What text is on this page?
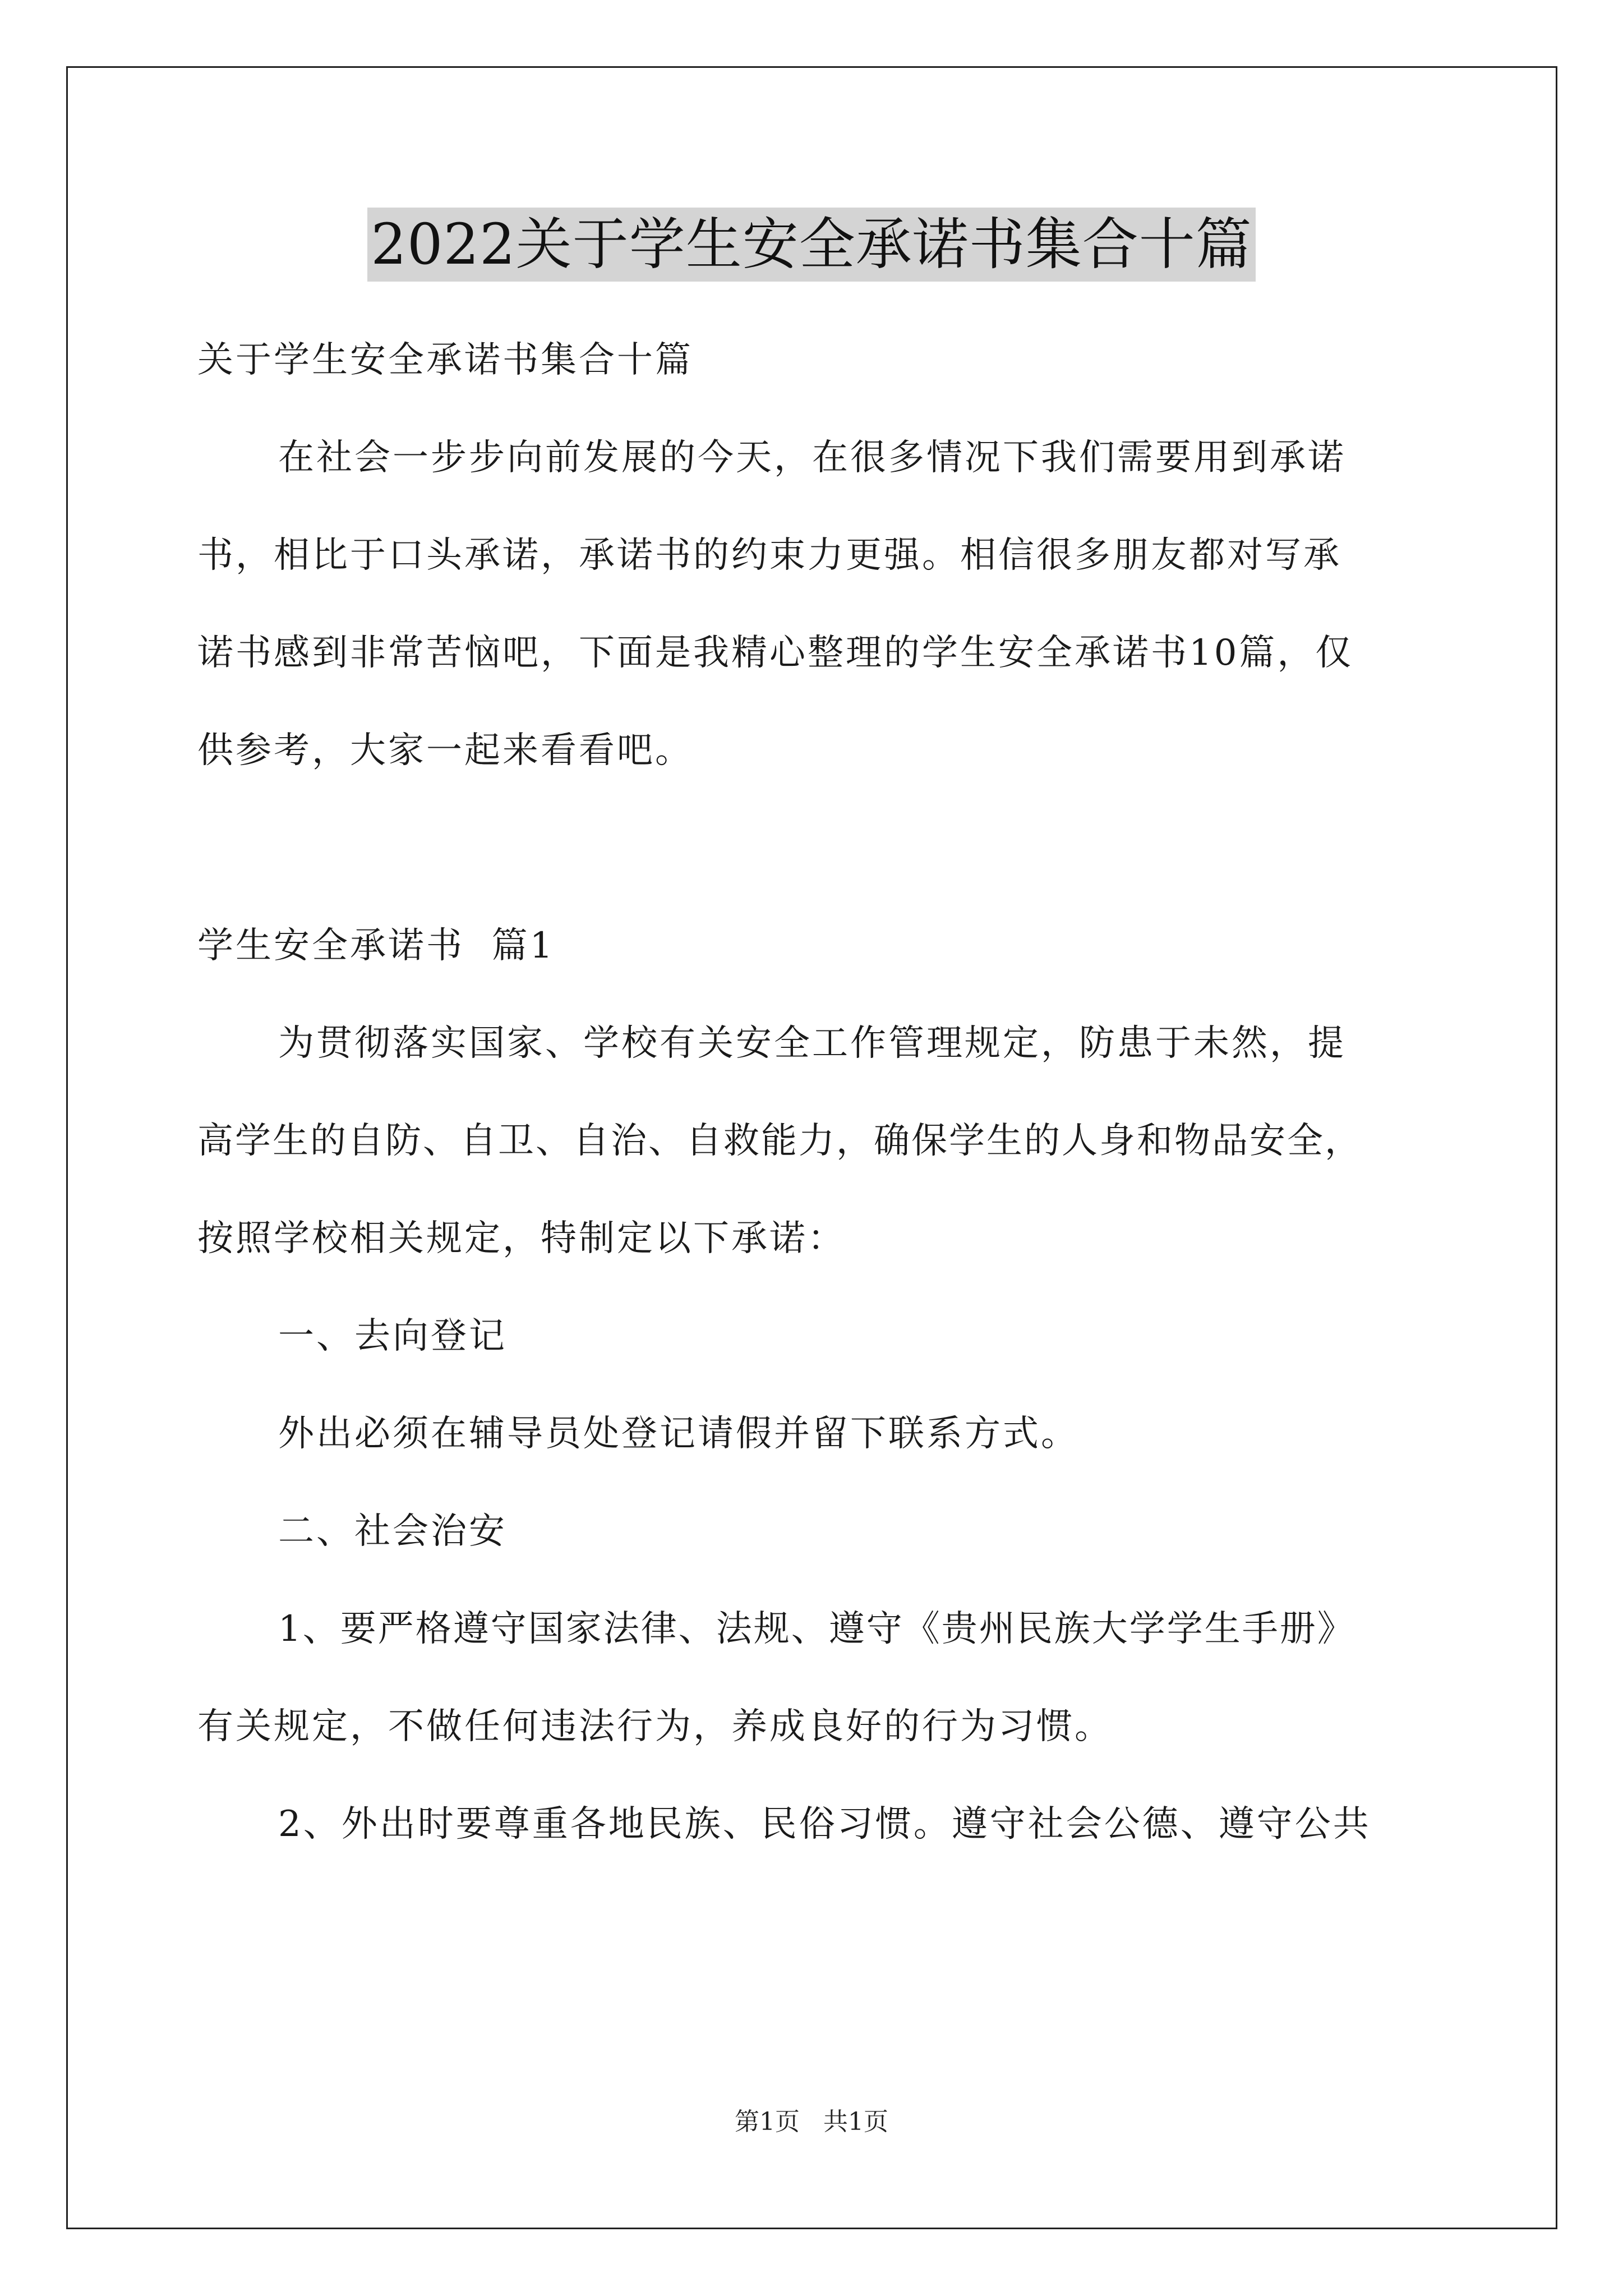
2022关于学生安全承诺书集合十篇

关于学生安全承诺书集合十篇

在社会一步步向前发展的今天，在很多情况下我们需要用到承诺

书，相比于口头承诺，承诺书的约束力更强。相信很多朋友都对写承

诺书感到非常苦恼吧，下面是我精心整理的学生安全承诺书10篇，仅

供参考，大家一起来看看吧。

学生安全承诺书  篇1

为贯彻落实国家、学校有关安全工作管理规定，防患于未然，提

高学生的自防、自卫、自治、自救能力，确保学生的人身和物品安全，

按照学校相关规定，特制定以下承诺：

一、去向登记

外出必须在辅导员处登记请假并留下联系方式。

二、社会治安

1、要严格遵守国家法律、法规、遵守《贵州民族大学学生手册》

有关规定，不做任何违法行为，养成良好的行为习惯。

2、外出时要尊重各地民族、民俗习惯。遵守社会公德、遵守公共

第1页   共1页
